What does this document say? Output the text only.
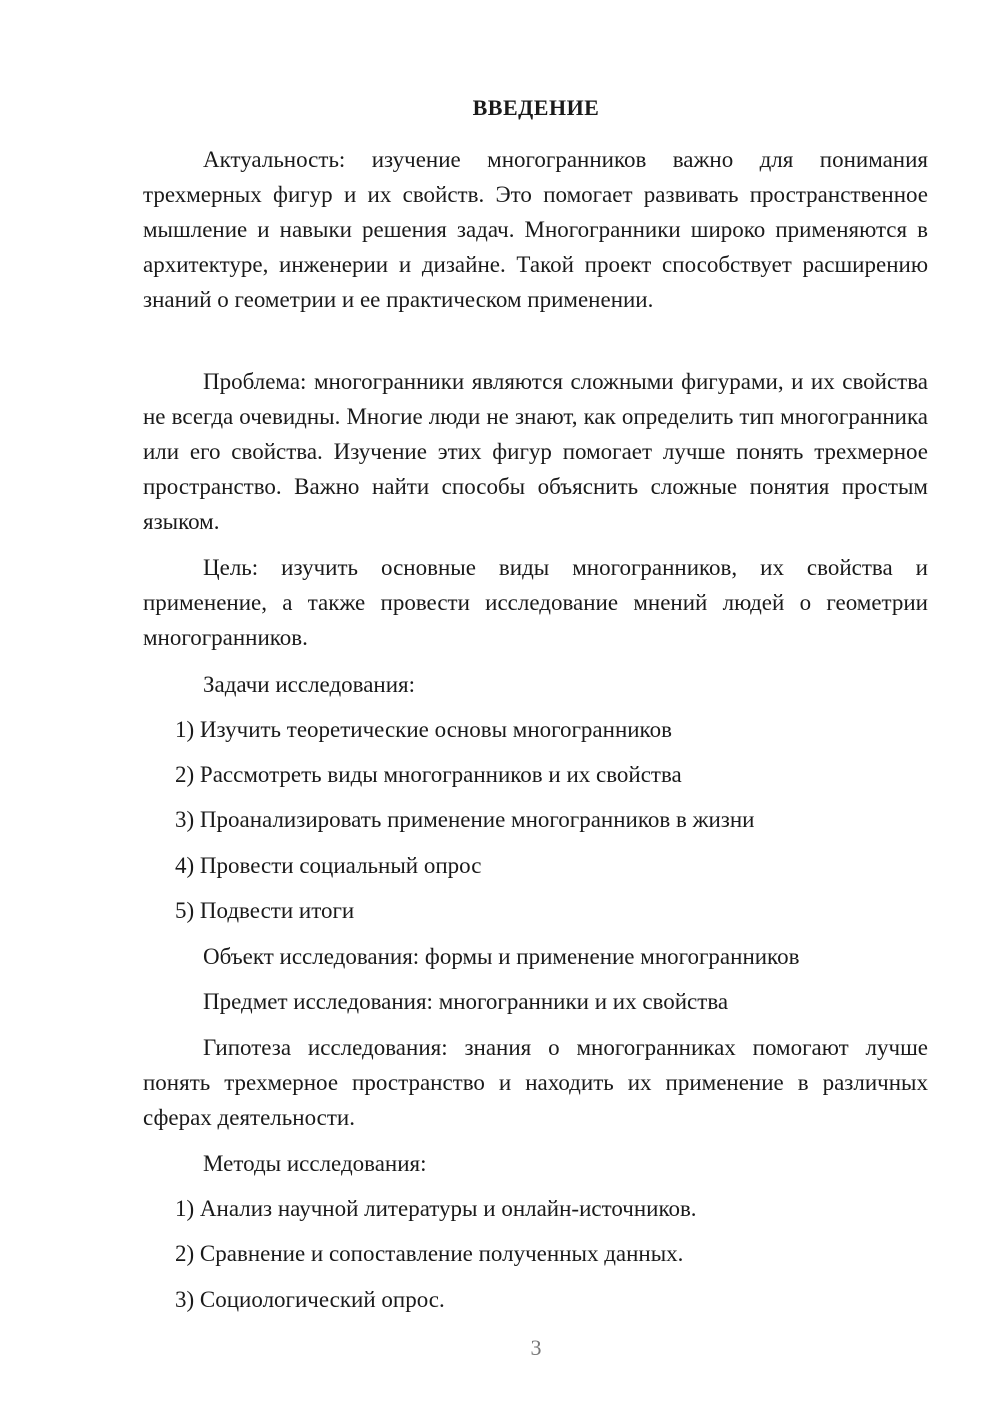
ВВЕДЕНИЕ

Актуальность: изучение многогранников важно для понимания трехмерных фигур и их свойств. Это помогает развивать пространственное мышление и навыки решения задач. Многогранники широко применяются в архитектуре, инженерии и дизайне. Такой проект способствует расширению знаний о геометрии и ее практическом применении.

Проблема: многогранники являются сложными фигурами, и их свойства не всегда очевидны. Многие люди не знают, как определить тип многогранника или его свойства. Изучение этих фигур помогает лучше понять трехмерное пространство. Важно найти способы объяснить сложные понятия простым языком.

Цель: изучить основные виды многогранников, их свойства и применение, а также провести исследование мнений людей о геометрии многогранников.

Задачи исследования:

1) Изучить теоретические основы многогранников

2) Рассмотреть виды многогранников и их свойства

3) Проанализировать применение многогранников в жизни

4) Провести социальный опрос

5) Подвести итоги

Объект исследования: формы и применение многогранников

Предмет исследования: многогранники и их свойства

Гипотеза исследования: знания о многогранниках помогают лучше понять трехмерное пространство и находить их применение в различных сферах деятельности.

Методы исследования:

1) Анализ научной литературы и онлайн-источников.

2) Сравнение и сопоставление полученных данных.

3) Социологический опрос.

3
